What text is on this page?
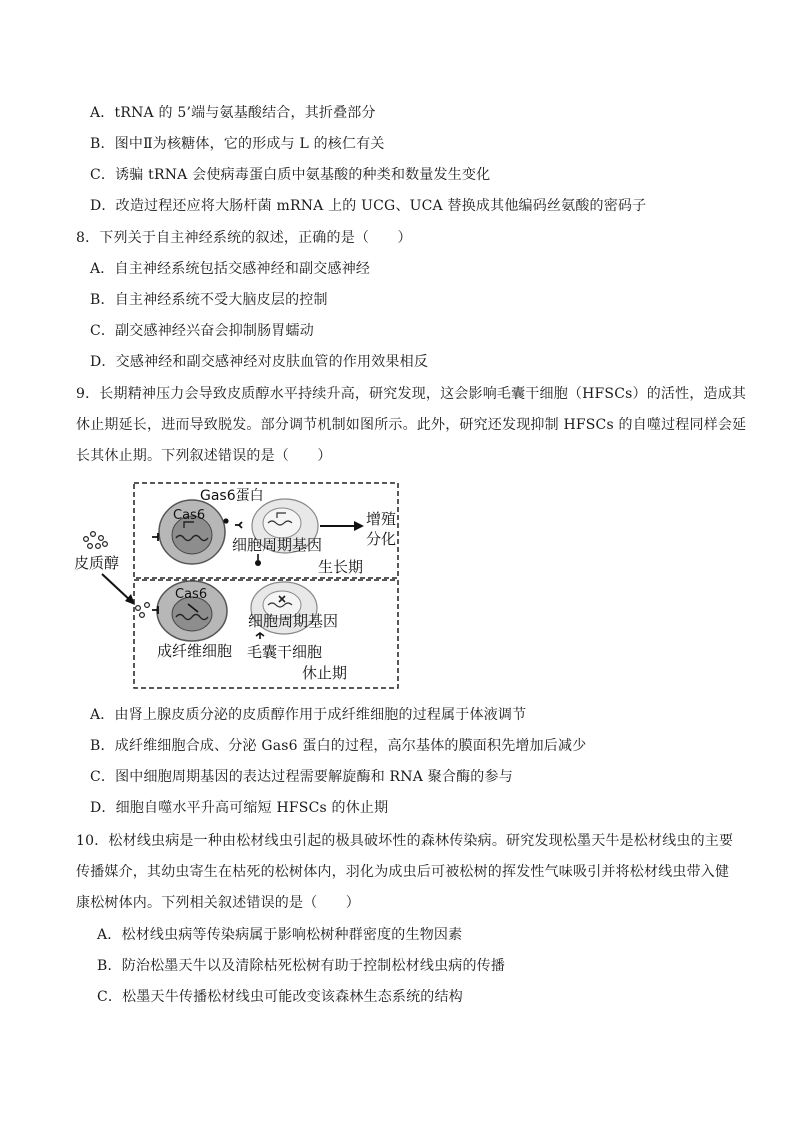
A．tRNA 的 5’端与氨基酸结合，其折叠部分
B．图中Ⅱ为核糖体，它的形成与 L 的核仁有关
C．诱骗 tRNA 会使病毒蛋白质中氨基酸的种类和数量发生变化
D．改造过程还应将大肠杆菌 mRNA 上的 UCG、UCA 替换成其他编码丝氨酸的密码子
8．下列关于自主神经系统的叙述，正确的是（　　）
A．自主神经系统包括交感神经和副交感神经
B．自主神经系统不受大脑皮层的控制
C．副交感神经兴奋会抑制肠胃蠕动
D．交感神经和副交感神经对皮肤血管的作用效果相反
9．长期精神压力会导致皮质醇水平持续升高，研究发现，这会影响毛囊干细胞（HFSCs）的活性，造成其
休止期延长，进而导致脱发。部分调节机制如图所示。此外，研究还发现抑制 HFSCs 的自噬过程同样会延
长其休止期。下列叙述错误的是（　　）
皮质醇
Cas6
Gas6蛋白
细胞周期基因
增殖
分化
生长期
Cas6
细胞周期基因
成纤维细胞 毛囊干细胞
休止期
A．由肾上腺皮质分泌的皮质醇作用于成纤维细胞的过程属于体液调节
B．成纤维细胞合成、分泌 Gas6 蛋白的过程，高尔基体的膜面积先增加后减少
C．图中细胞周期基因的表达过程需要解旋酶和 RNA 聚合酶的参与
D．细胞自噬水平升高可缩短 HFSCs 的休止期
10．松材线虫病是一种由松材线虫引起的极具破坏性的森林传染病。研究发现松墨天牛是松材线虫的主要
传播媒介，其幼虫寄生在枯死的松树体内，羽化为成虫后可被松树的挥发性气味吸引并将松材线虫带入健
康松树体内。下列相关叙述错误的是（　　）
A．松材线虫病等传染病属于影响松树种群密度的生物因素
B．防治松墨天牛以及清除枯死松树有助于控制松材线虫病的传播
C．松墨天牛传播松材线虫可能改变该森林生态系统的结构
